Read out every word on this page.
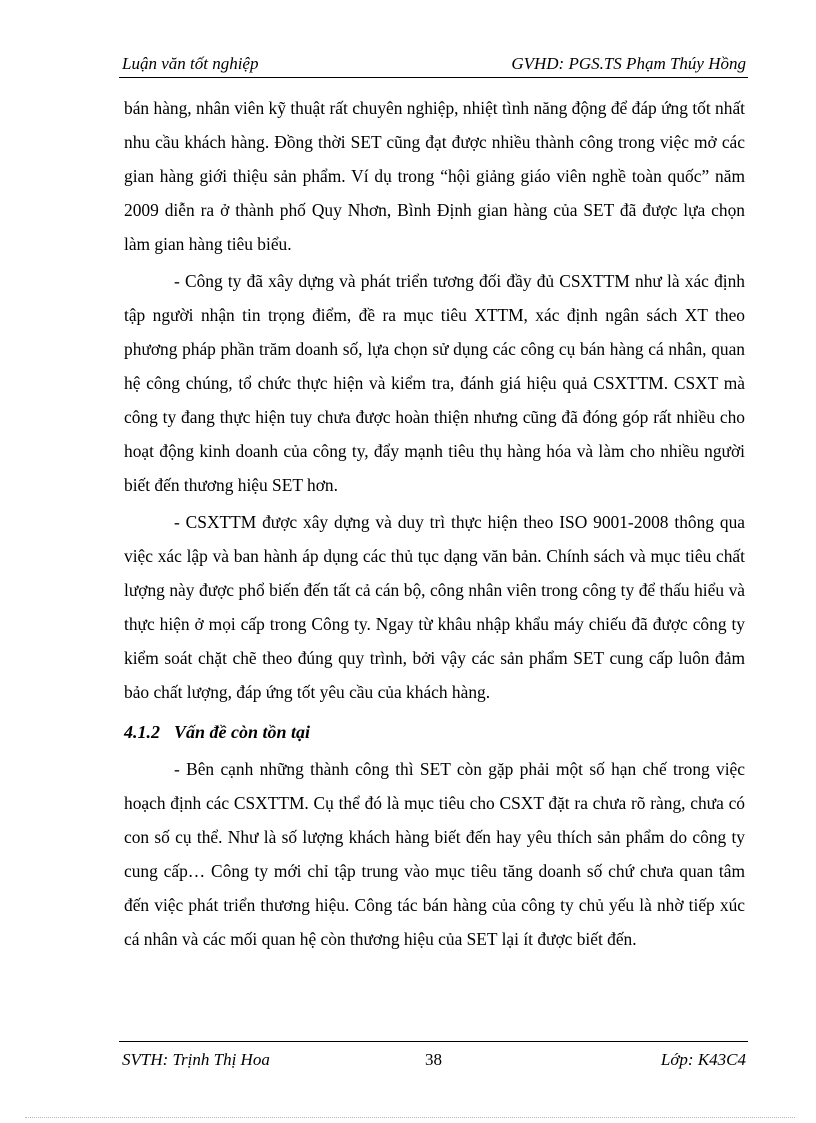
Luận văn tốt nghiệp	GVHD: PGS.TS Phạm Thúy Hồng

bán hàng, nhân viên kỹ thuật rất chuyên nghiệp, nhiệt tình năng động để đáp ứng tốt nhất nhu cầu khách hàng. Đồng thời SET cũng đạt được nhiều thành công trong việc mở các gian hàng giới thiệu sản phẩm. Ví dụ trong “hội giảng giáo viên nghề toàn quốc” năm 2009 diễn ra ở thành phố Quy Nhơn, Bình Định gian hàng của SET đã được lựa chọn làm gian hàng tiêu biểu.

- Công ty đã xây dựng và phát triển tương đối đầy đủ CSXTTM như là xác định tập người nhận tin trọng điểm, đề ra mục tiêu XTTM, xác định ngân sách XT theo phương pháp phần trăm doanh số, lựa chọn sử dụng các công cụ bán hàng cá nhân, quan hệ công chúng, tổ chức thực hiện và kiểm tra, đánh giá hiệu quả CSXTTM. CSXT mà công ty đang thực hiện tuy chưa được hoàn thiện nhưng cũng đã đóng góp rất nhiều cho hoạt động kinh doanh của công ty, đẩy mạnh tiêu thụ hàng hóa và làm cho nhiều người biết đến thương hiệu SET hơn.

- CSXTTM được xây dựng và duy trì thực hiện theo ISO 9001-2008 thông qua việc xác lập và ban hành áp dụng các thủ tục dạng văn bản. Chính sách và mục tiêu chất lượng này được phổ biến đến tất cả cán bộ, công nhân viên trong công ty để thấu hiểu và thực hiện ở mọi cấp trong Công ty. Ngay từ khâu nhập khẩu máy chiếu đã được công ty kiểm soát chặt chẽ theo đúng quy trình, bởi vậy các sản phẩm SET cung cấp luôn đảm bảo chất lượng, đáp ứng tốt yêu cầu của khách hàng.

4.1.2 Vấn đề còn tồn tại

- Bên cạnh những thành công thì SET còn gặp phải một số hạn chế trong việc hoạch định các CSXTTM. Cụ thể đó là mục tiêu cho CSXT đặt ra chưa rõ ràng, chưa có con số cụ thể. Như là số lượng khách hàng biết đến hay yêu thích sản phẩm do công ty cung cấp… Công ty mới chỉ tập trung vào mục tiêu tăng doanh số chứ chưa quan tâm đến việc phát triển thương hiệu. Công tác bán hàng của công ty chủ yếu là nhờ tiếp xúc cá nhân và các mối quan hệ còn thương hiệu của SET lại ít được biết đến.

SVTH: Trịnh Thị Hoa	38	Lớp: K43C4
